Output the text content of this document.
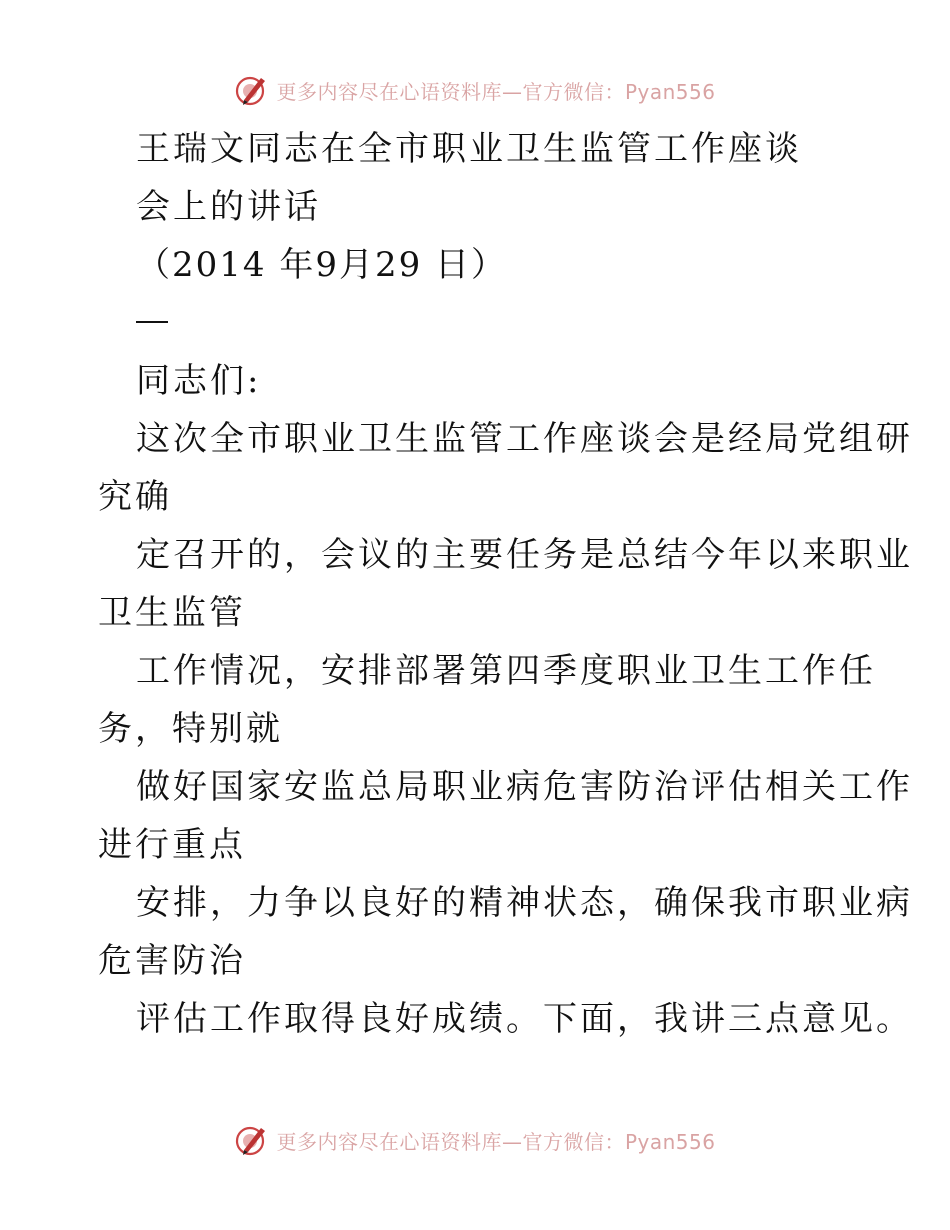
更多内容尽在心语资料库—官方微信：Pyan556
王瑞文同志在全市职业卫生监管工作座谈
会上的讲话
（2014 年9月29 日）
同志们:
这次全市职业卫生监管工作座谈会是经局党组研
究确
定召开的，会议的主要任务是总结今年以来职业
卫生监管
工作情况，安排部署第四季度职业卫生工作任
务，特别就
做好国家安监总局职业病危害防治评估相关工作
进行重点
安排，力争以良好的精神状态，确保我市职业病
危害防治
评估工作取得良好成绩。下面，我讲三点意见。
更多内容尽在心语资料库—官方微信：Pyan556
